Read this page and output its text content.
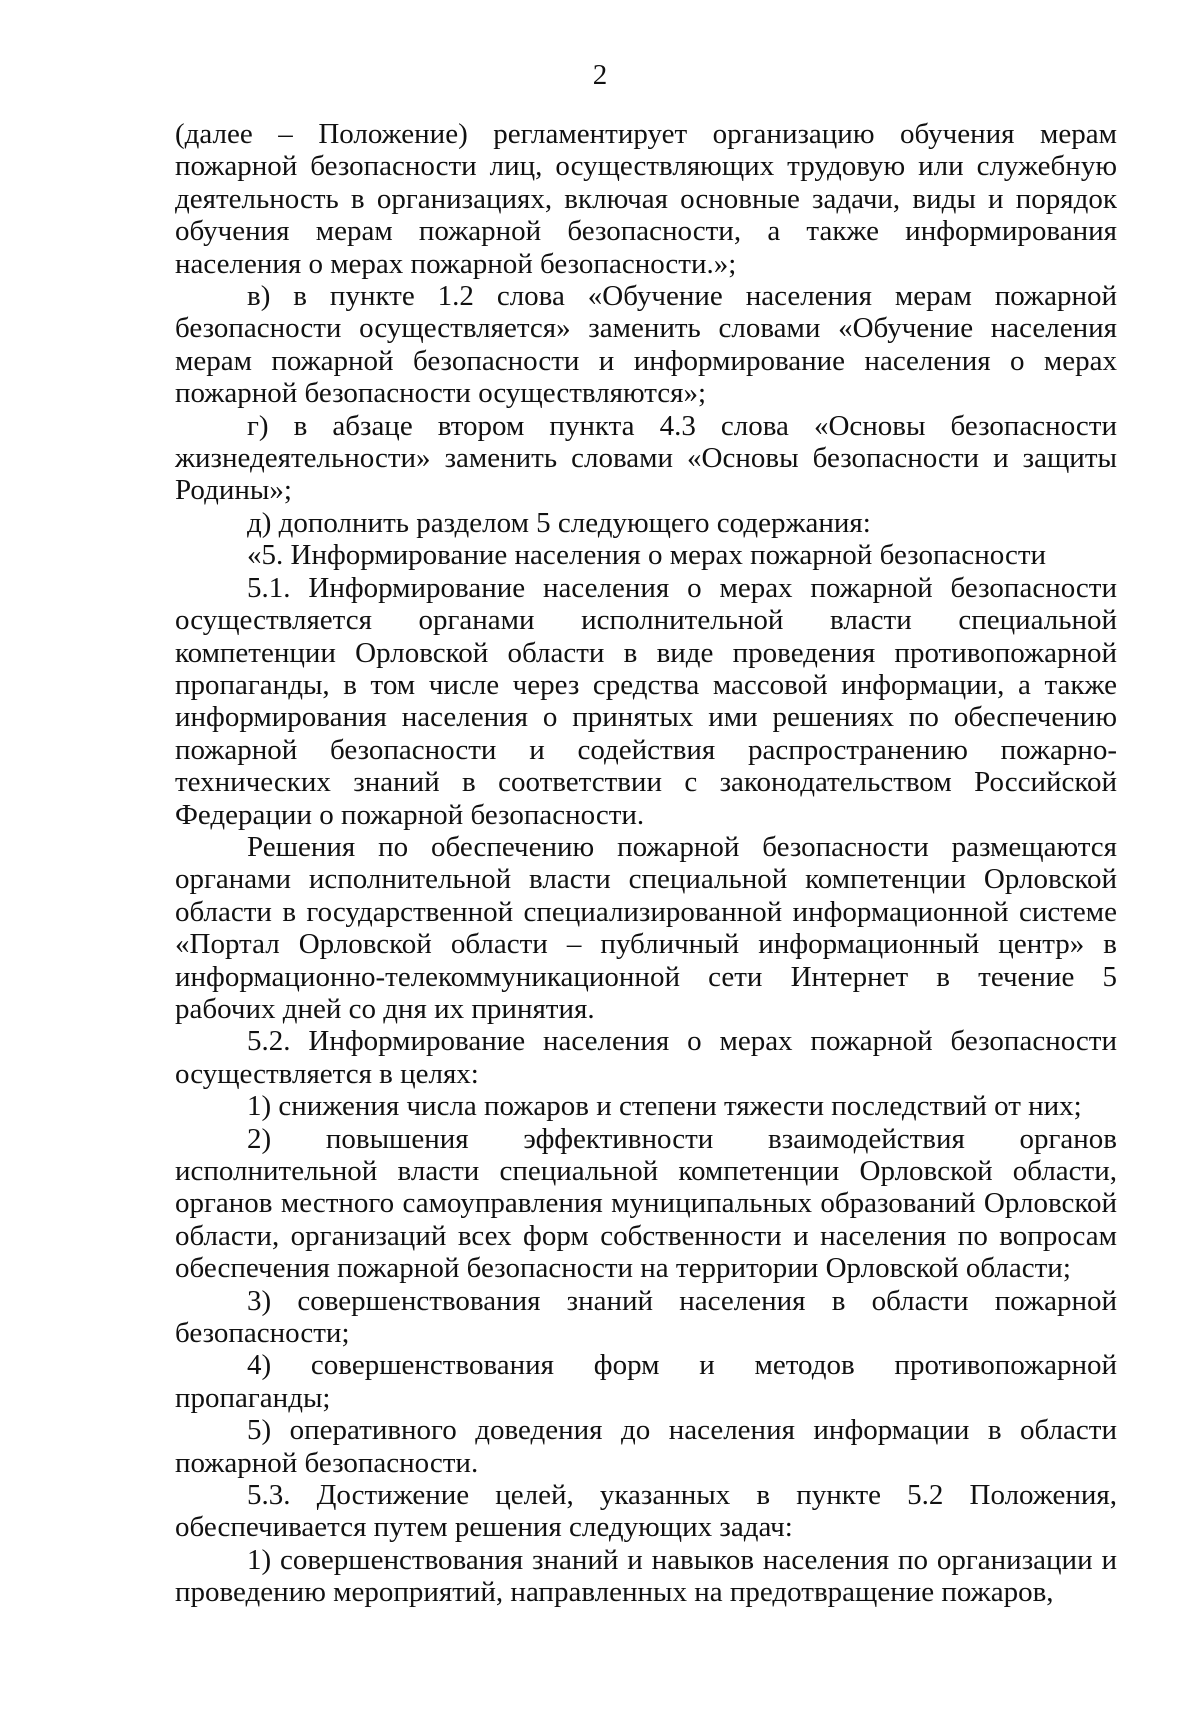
2

(далее – Положение) регламентирует организацию обучения мерам пожарной безопасности лиц, осуществляющих трудовую или служебную деятельность в организациях, включая основные задачи, виды и порядок обучения мерам пожарной безопасности, а также информирования населения о мерах пожарной безопасности.»;

в) в пункте 1.2 слова «Обучение населения мерам пожарной безопасности осуществляется» заменить словами «Обучение населения мерам пожарной безопасности и информирование населения о мерах пожарной безопасности осуществляются»;

г) в абзаце втором пункта 4.3 слова «Основы безопасности жизнедеятельности» заменить словами «Основы безопасности и защиты Родины»;

д) дополнить разделом 5 следующего содержания:

«5. Информирование населения о мерах пожарной безопасности

5.1. Информирование населения о мерах пожарной безопасности осуществляется органами исполнительной власти специальной компетенции Орловской области в виде проведения противопожарной пропаганды, в том числе через средства массовой информации, а также информирования населения о принятых ими решениях по обеспечению пожарной безопасности и содействия распространению пожарно-технических знаний в соответствии с законодательством Российской Федерации о пожарной безопасности.

Решения по обеспечению пожарной безопасности размещаются органами исполнительной власти специальной компетенции Орловской области в государственной специализированной информационной системе «Портал Орловской области – публичный информационный центр» в информационно-телекоммуникационной сети Интернет в течение 5 рабочих дней со дня их принятия.

5.2. Информирование населения о мерах пожарной безопасности осуществляется в целях:

1) снижения числа пожаров и степени тяжести последствий от них;

2) повышения эффективности взаимодействия органов исполнительной власти специальной компетенции Орловской области, органов местного самоуправления муниципальных образований Орловской области, организаций всех форм собственности и населения по вопросам обеспечения пожарной безопасности на территории Орловской области;

3) совершенствования знаний населения в области пожарной безопасности;

4) совершенствования форм и методов противопожарной пропаганды;

5) оперативного доведения до населения информации в области пожарной безопасности.

5.3. Достижение целей, указанных в пункте 5.2 Положения, обеспечивается путем решения следующих задач:

1) совершенствования знаний и навыков населения по организации и проведению мероприятий, направленных на предотвращение пожаров,
